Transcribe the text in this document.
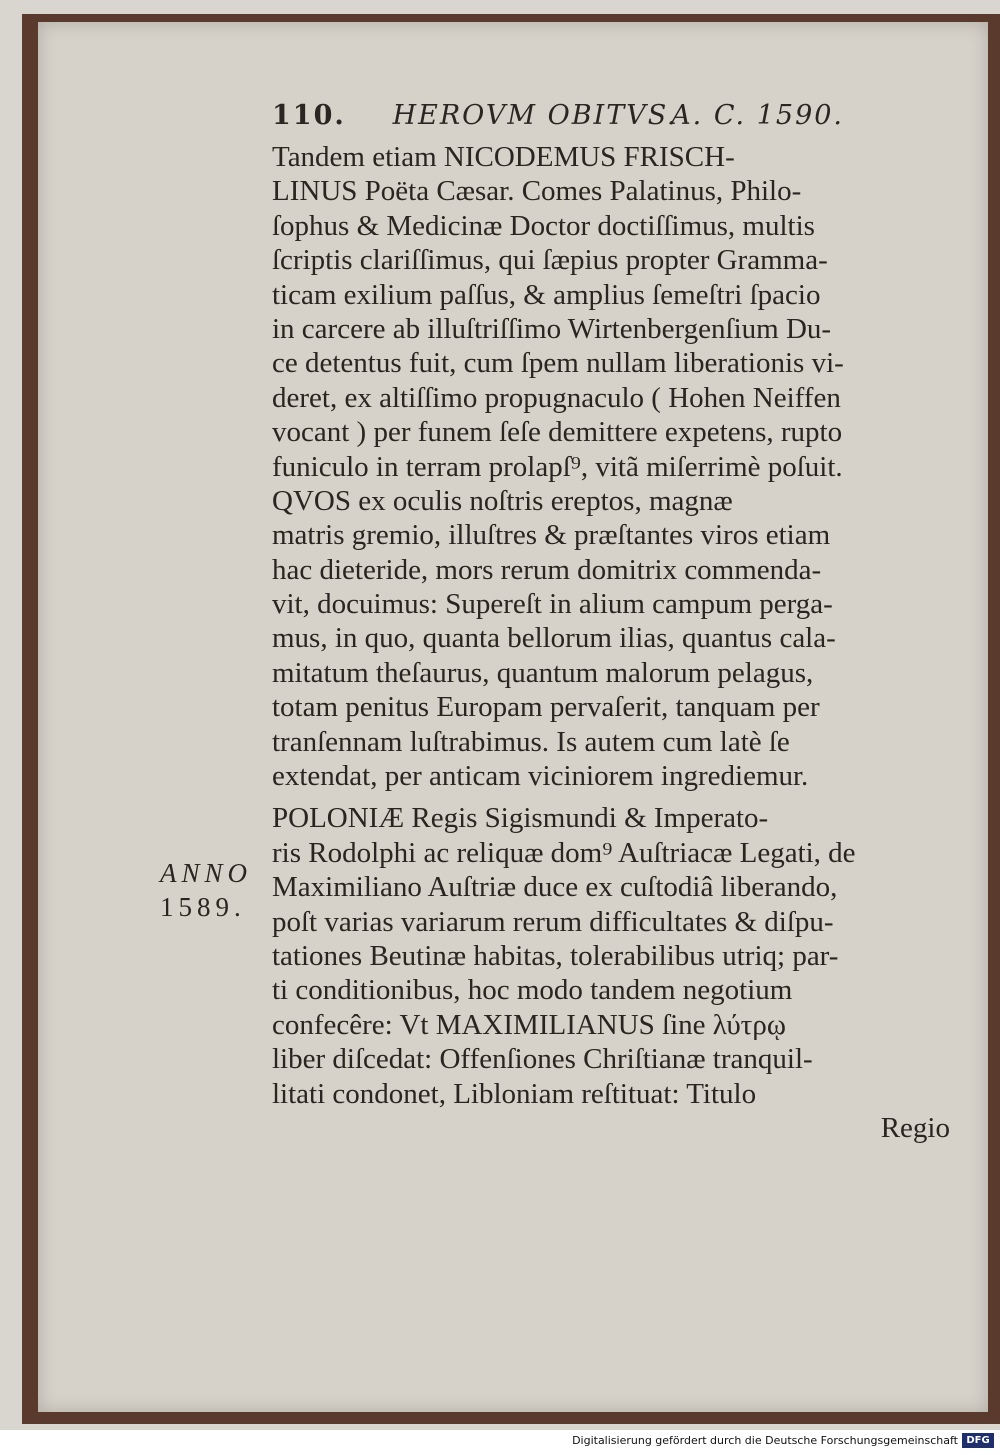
110. HEROVM OBITVS. A. C. 1590.
Tandem etiam NICODEMUS FRISCH-
LINUS Poëta Cæsar. Comes Palatinus, Philo-
ſophus & Medicinæ Doctor doctiſſimus, multis
ſcriptis clariſſimus, qui ſæpius propter Gramma-
ticam exilium paſſus, & amplius ſemeſtri ſpacio
in carcere ab illuſtriſſimo Wirtenbergenſium Du-
ce detentus fuit, cum ſpem nullam liberationis vi-
deret, ex altiſſimo propugnaculo ( Hohen Neiffen
vocant ) per funem ſeſe demittere expetens, rupto
funiculo in terram prolapſ⁹, vitã miſerrimè poſuit.
QVOS ex oculis noſtris ereptos, magnæ
matris gremio, illuſtres & præſtantes viros etiam
hac dieteride, mors rerum domitrix commenda-
vit, docuimus: Supereſt in alium campum perga-
mus, in quo, quanta bellorum ilias, quantus cala-
mitatum theſaurus, quantum malorum pelagus,
totam penitus Europam pervaſerit, tanquam per
tranſennam luſtrabimus. Is autem cum latè ſe
extendat, per anticam viciniorem ingrediemur.
POLONIÆ Regis Sigismundi & Imperato-
ris Rodolphi ac reliquæ dom⁹ Auſtriacæ Legati, de
Maximiliano Auſtriæ duce ex cuſtodiâ liberando,
poſt varias variarum rerum difficultates & diſpu-
tationes Beutinæ habitas, tolerabilibus utriq; par-
ti conditionibus, hoc modo tandem negotium
confecêre: Vt MAXIMILIANUS ſine λύτρῳ
liber diſcedat: Offenſiones Chriſtianæ tranquil-
litati condonet, Libloniam reſtituat: Titulo
Regio
ANNO
1589.
Digitalisierung gefördert durch die Deutsche Forschungsgemeinschaft DFG
